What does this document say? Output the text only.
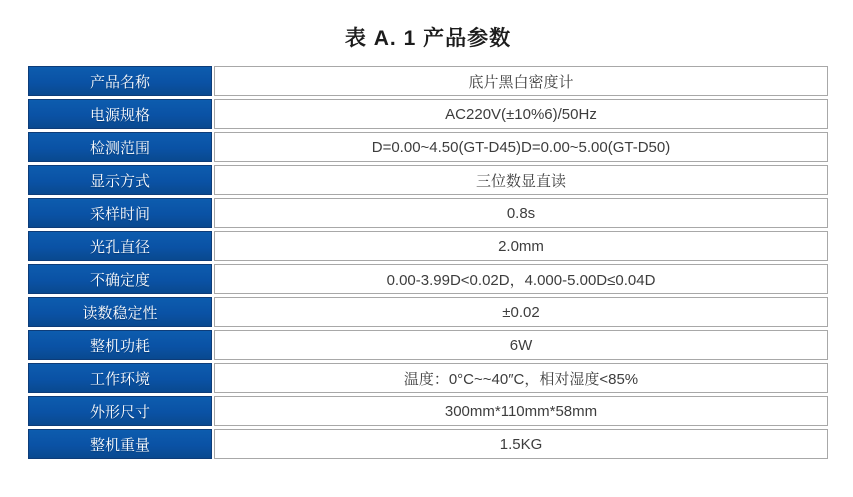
表 A. 1 产品参数
产品名称	底片黑白密度计
电源规格	AC220V(±10%6)/50Hz
检测范围	D=0.00~4.50(GT-D45)D=0.00~5.00(GT-D50)
显示方式	三位数显直读
采样时间	0.8s
光孔直径	2.0mm
不确定度	0.00-3.99D<0.02D，4.000-5.00D≤0.04D
读数稳定性	±0.02
整机功耗	6W
工作环境	温度：0°C~~40″C，相对湿度<85%
外形尺寸	300mm*110mm*58mm
整机重量	1.5KG
